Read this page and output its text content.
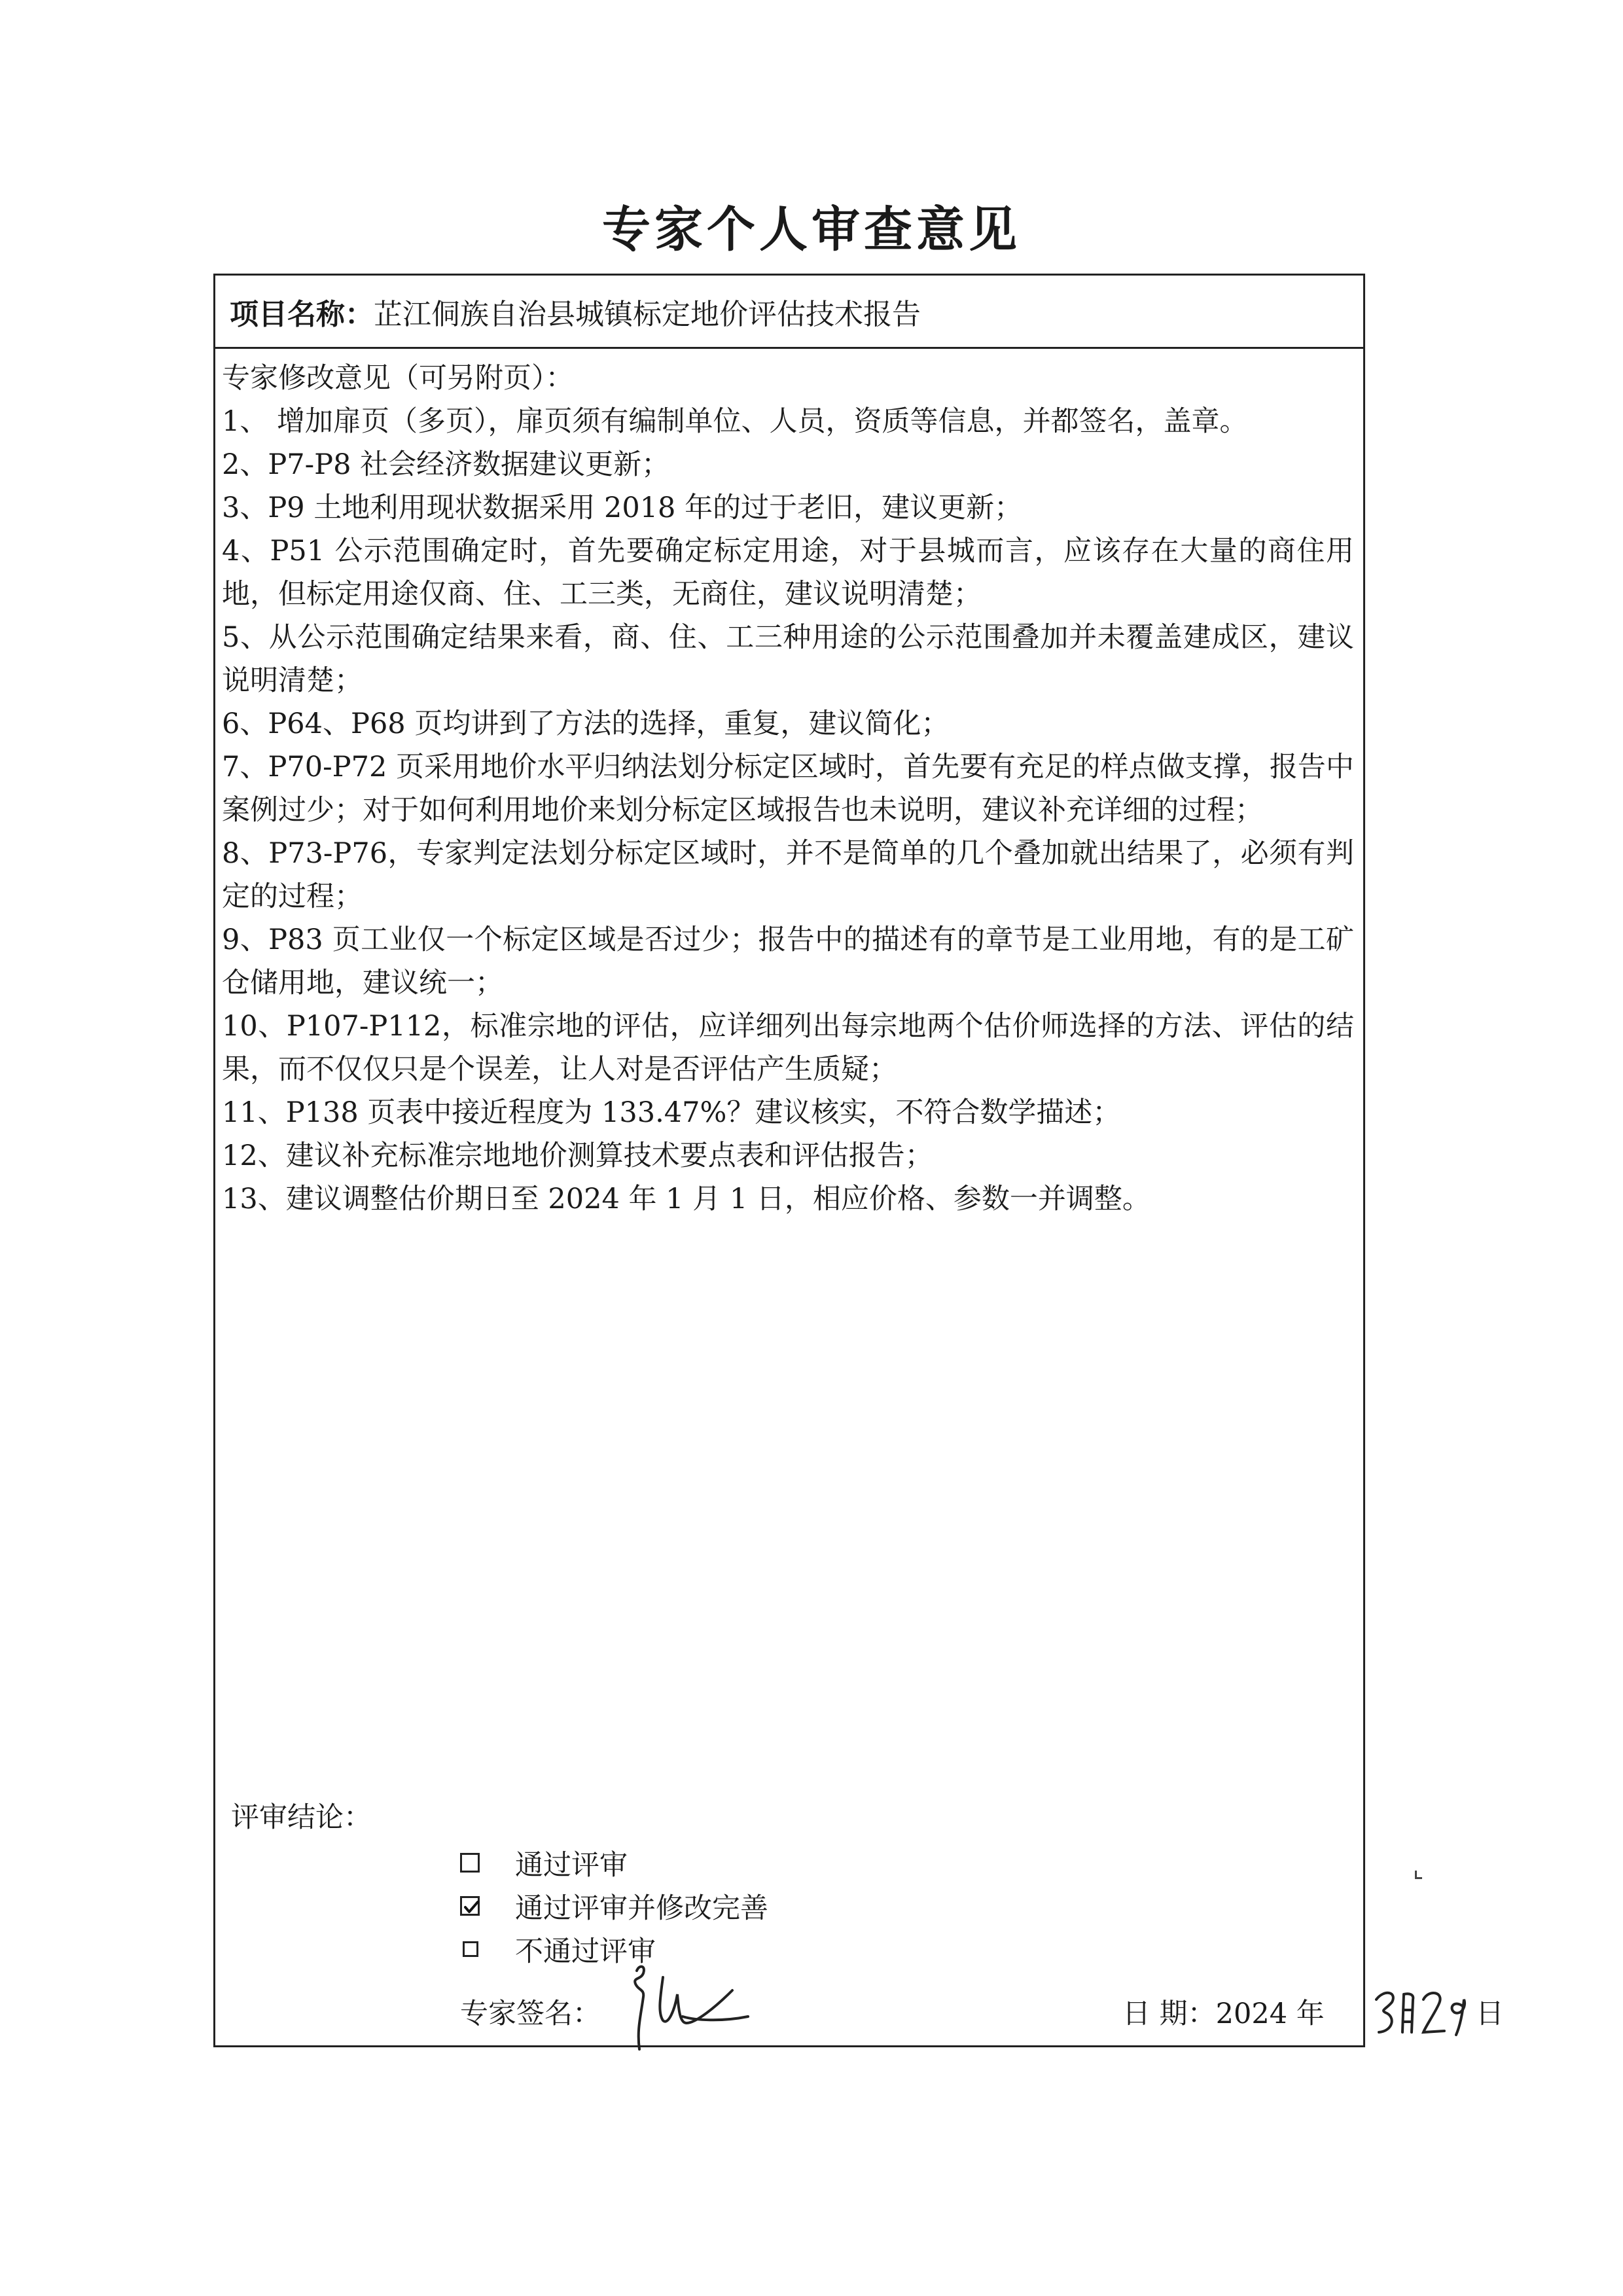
专家个人审查意见
项目名称： 芷江侗族自治县城镇标定地价评估技术报告
专家修改意见（可另附页）：
1、 增加扉页（多页），扉页须有编制单位、人员，资质等信息，并都签名，盖章。
2、P7-P8 社会经济数据建议更新；
3、P9 土地利用现状数据采用 2018 年的过于老旧，建议更新；
4、P51 公示范围确定时，首先要确定标定用途，对于县城而言，应该存在大量的商住用地，但标定用途仅商、住、工三类，无商住，建议说明清楚；
5、从公示范围确定结果来看，商、住、工三种用途的公示范围叠加并未覆盖建成区，建议说明清楚；
6、P64、P68 页均讲到了方法的选择，重复，建议简化；
7、P70-P72 页采用地价水平归纳法划分标定区域时，首先要有充足的样点做支撑，报告中案例过少；对于如何利用地价来划分标定区域报告也未说明，建议补充详细的过程；
8、P73-P76，专家判定法划分标定区域时，并不是简单的几个叠加就出结果了，必须有判定的过程；
9、P83 页工业仅一个标定区域是否过少；报告中的描述有的章节是工业用地，有的是工矿仓储用地，建议统一；
10、P107-P112，标准宗地的评估，应详细列出每宗地两个估价师选择的方法、评估的结果，而不仅仅只是个误差，让人对是否评估产生质疑；
11、P138 页表中接近程度为 133.47%？建议核实，不符合数学描述；
12、建议补充标准宗地地价测算技术要点表和评估报告；
13、建议调整估价期日至 2024 年 1 月 1 日，相应价格、参数一并调整。
评审结论：
通过评审
通过评审并修改完善
不通过评审
专家签名：	日 期：2024 年	日
